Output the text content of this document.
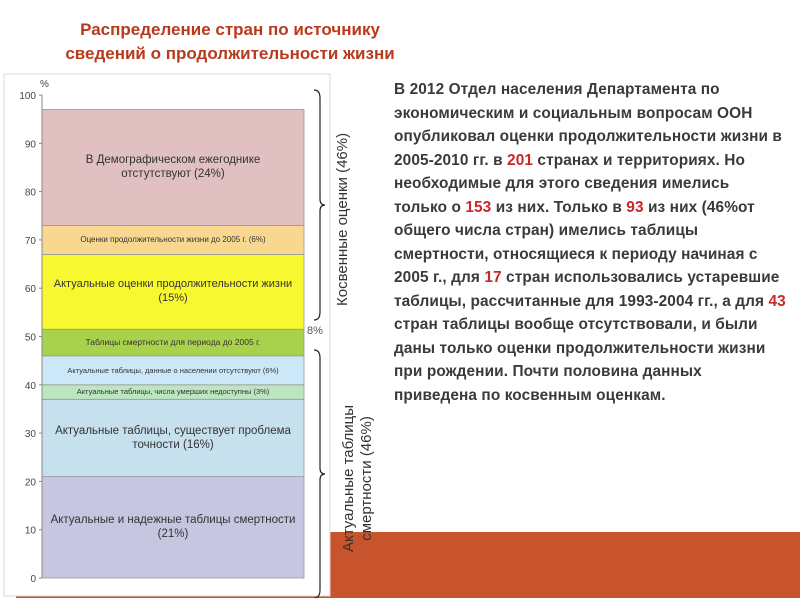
Распределение стран по источнику
сведений о продолжительности жизни
0
10
20
30
40
50
60
70
80
90
100
%
8%
Актуальные и надежные таблицы смертности (21%)
Актуальные таблицы, существует проблема точности (16%)
Актуальные таблицы, числа умерших недоступны (3%)
Актуальные таблицы, данные о населении отсутствуют (6%)
Таблицы смертности для периода до 2005 г.
Актуальные оценки продолжительности жизни (15%)
Оценки продолжительности жизни до 2005 г. (6%)
В Демографическом ежегоднике отстутствуют (24%)	Косвенные оценки (46%)
Актуальные таблицы смертности (46%)
В 2012 Отдел населения Департамента по экономическим и социальным вопросам ООН опубликовал оценки продолжительности жизни в 2005-2010 гг. в 201 странах и территориях. Но необходимые для этого сведения имелись только о 153 из них. Только в 93 из них (46%от общего числа стран) имелись таблицы смертности, относящиеся к периоду начиная с 2005 г., для 17 стран использовались устаревшие таблицы, рассчитанные для 1993-2004 гг., а для 43 стран таблицы вообще отсутствовали, и были даны только оценки продолжительности жизни при рождении. Почти половина данных приведена по косвенным оценкам.
